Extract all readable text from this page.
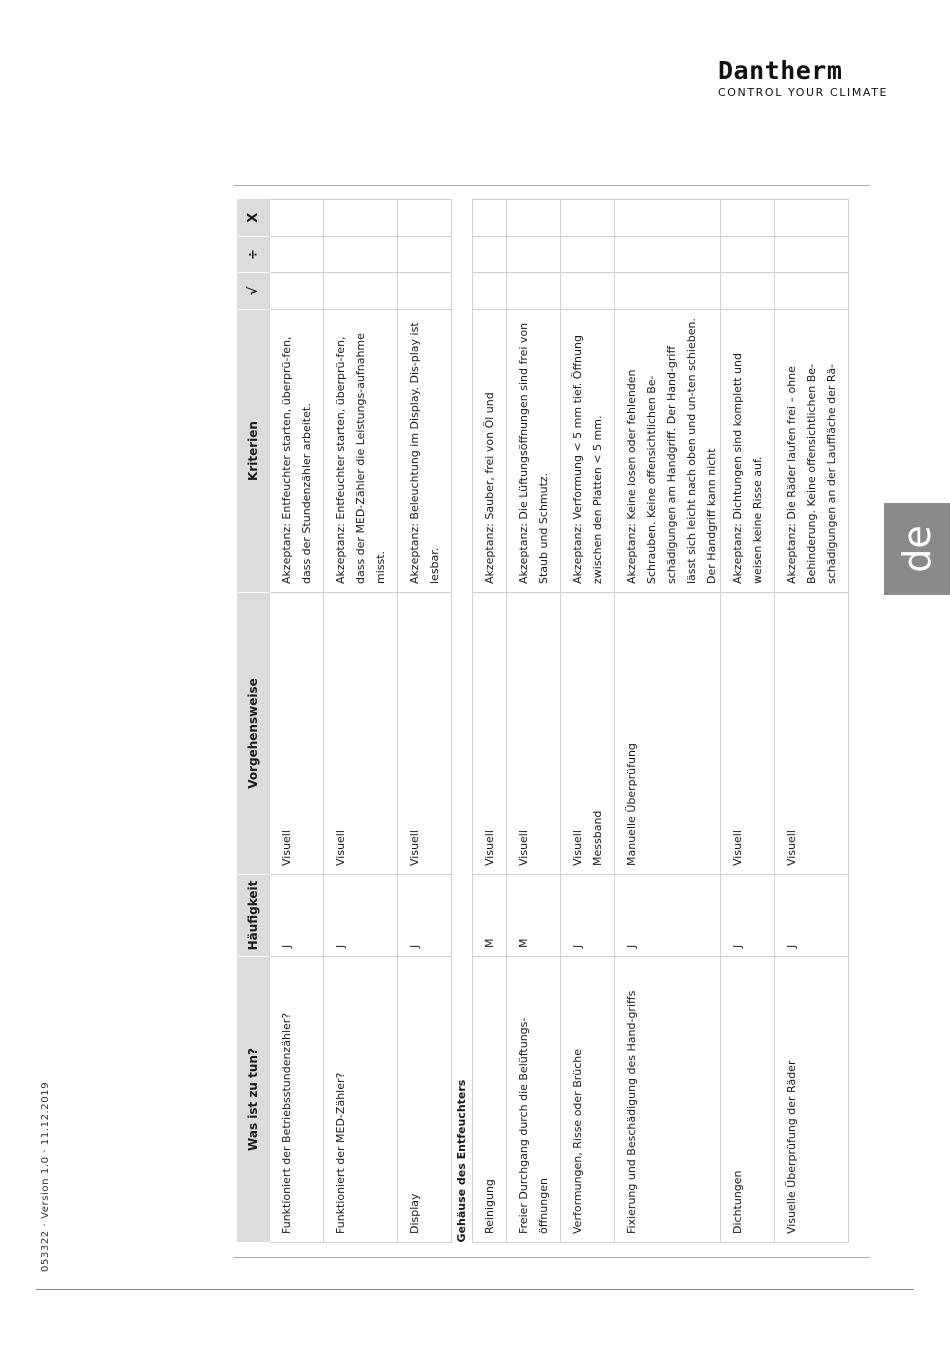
Dantherm
CONTROL YOUR CLIMATE
053322 · Version 1.0 · 11.12.2019
de
Was ist zu tun?	Häufigkeit	Vorgehensweise	Kriterien	√	÷	X
Funktioniert der Betriebsstundenzähler?	J	Visuell	Akzeptanz: Entfeuchter starten, überprü-fen, dass der Stundenzähler arbeitet.			
Funktioniert der MED-Zähler?	J	Visuell	Akzeptanz: Entfeuchter starten, überprü-fen, dass der MED-Zähler die Leistungs-aufnahme misst.			
Display	J	Visuell	Akzeptanz: Beleuchtung im Display. Dis-play ist lesbar.			
Gehäuse des Entfeuchters						
Reinigung	M	Visuell	Akzeptanz: Sauber, frei von Öl und			
Freier Durchgang durch die Belüftungs-öffnungen	M	Visuell	Akzeptanz: Die Lüftungsöffnungen sind frei von Staub und Schmutz.			
Verformungen, Risse oder Brüche	J	Visuell Messband	Akzeptanz: Verformung < 5 mm tief. Öffnung zwischen den Platten < 5 mm.			
Fixierung und Beschädigung des Hand-griffs	J	Manuelle Überprüfung	Akzeptanz: Keine losen oder fehlenden Schrauben. Keine offensichtlichen Be-schädigungen am Handgriff. Der Hand-griff lässt sich leicht nach oben und un-ten schieben. Der Handgriff kann nicht			

Dichtungen	J	Visuell	Akzeptanz: Dichtungen sind komplett und weisen keine Risse auf.			
Visuelle Überprüfung der Räder	J	Visuell	Akzeptanz: Die Räder laufen frei – ohne Behinderung. Keine offensichtlichen Be-schädigungen an der Lauffläche der Rä-			
